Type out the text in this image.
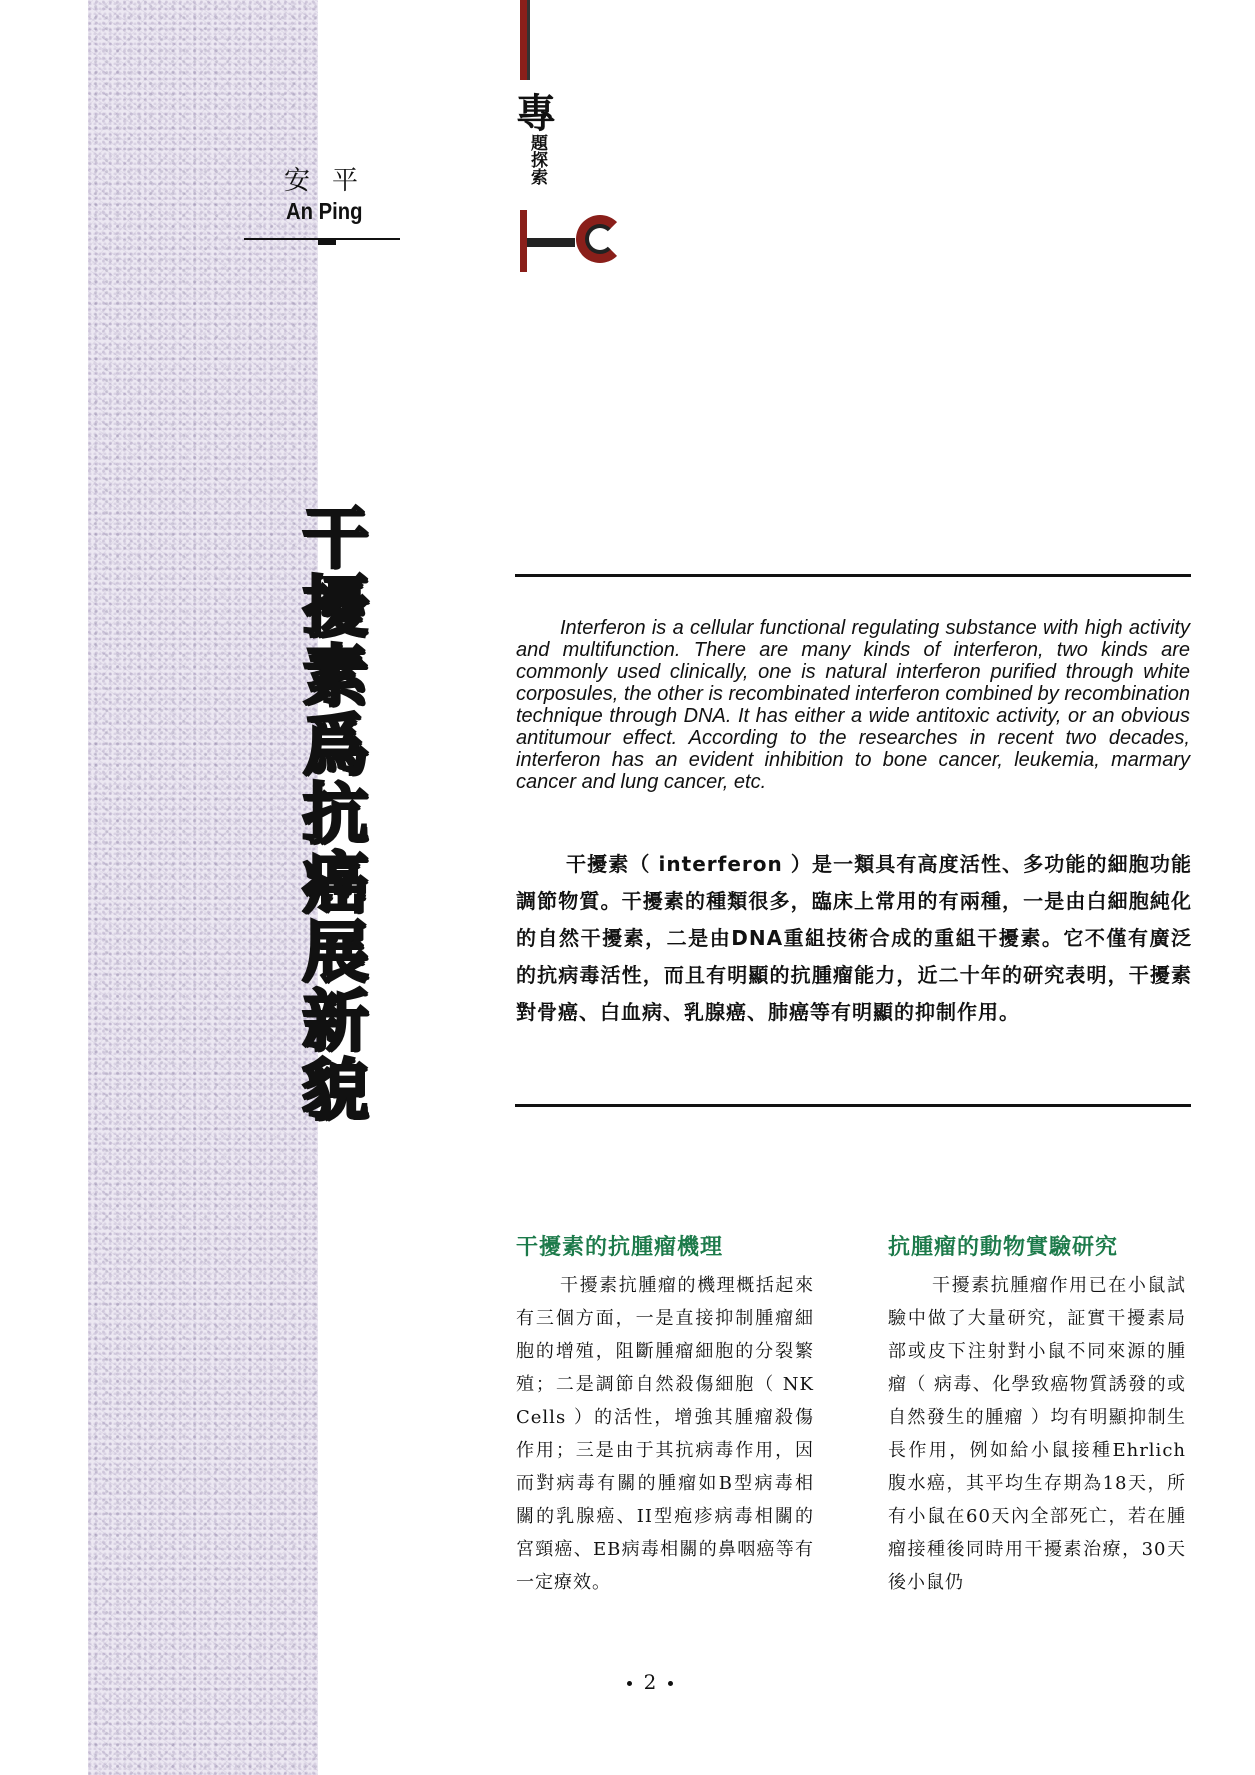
安平
An Ping
干擾素爲抗癌展新貌
專
題探索

Interferon is a cellular functional regulating substance with high activity and multifunction. There are many kinds of interferon, two kinds are commonly used clinically, one is natural interferon purified through white corposules, the other is recombinated interferon combined by recombination technique through DNA. It has either a wide antitoxic activity, or an obvious antitumour effect. According to the researches in recent two decades, interferon has an evident inhibition to bone cancer, leukemia, marmary cancer and lung cancer, etc.

干擾素（ interferon ）是一類具有高度活性、多功能的細胞功能調節物質。干擾素的種類很多，臨床上常用的有兩種，一是由白細胞純化的自然干擾素，二是由DNA重組技術合成的重組干擾素。它不僅有廣泛的抗病毒活性，而且有明顯的抗腫瘤能力，近二十年的研究表明，干擾素對骨癌、白血病、乳腺癌、肺癌等有明顯的抑制作用。

干擾素的抗腫瘤機理

干擾素抗腫瘤的機理概括起來有三個方面，一是直接抑制腫瘤細胞的增殖，阻斷腫瘤細胞的分裂繁殖；二是調節自然殺傷細胞（ NK Cells ）的活性，增強其腫瘤殺傷作用；三是由于其抗病毒作用，因而對病毒有關的腫瘤如B型病毒相關的乳腺癌、II型疱疹病毒相關的宮頸癌、EB病毒相關的鼻咽癌等有一定療效。

抗腫瘤的動物實驗研究

干擾素抗腫瘤作用已在小鼠試驗中做了大量研究，証實干擾素局部或皮下注射對小鼠不同來源的腫瘤（ 病毒、化學致癌物質誘發的或自然發生的腫瘤 ）均有明顯抑制生長作用，例如給小鼠接種Ehrlich腹水癌，其平均生存期為18天，所有小鼠在60天內全部死亡，若在腫瘤接種後同時用干擾素治療，30天後小鼠仍

2
